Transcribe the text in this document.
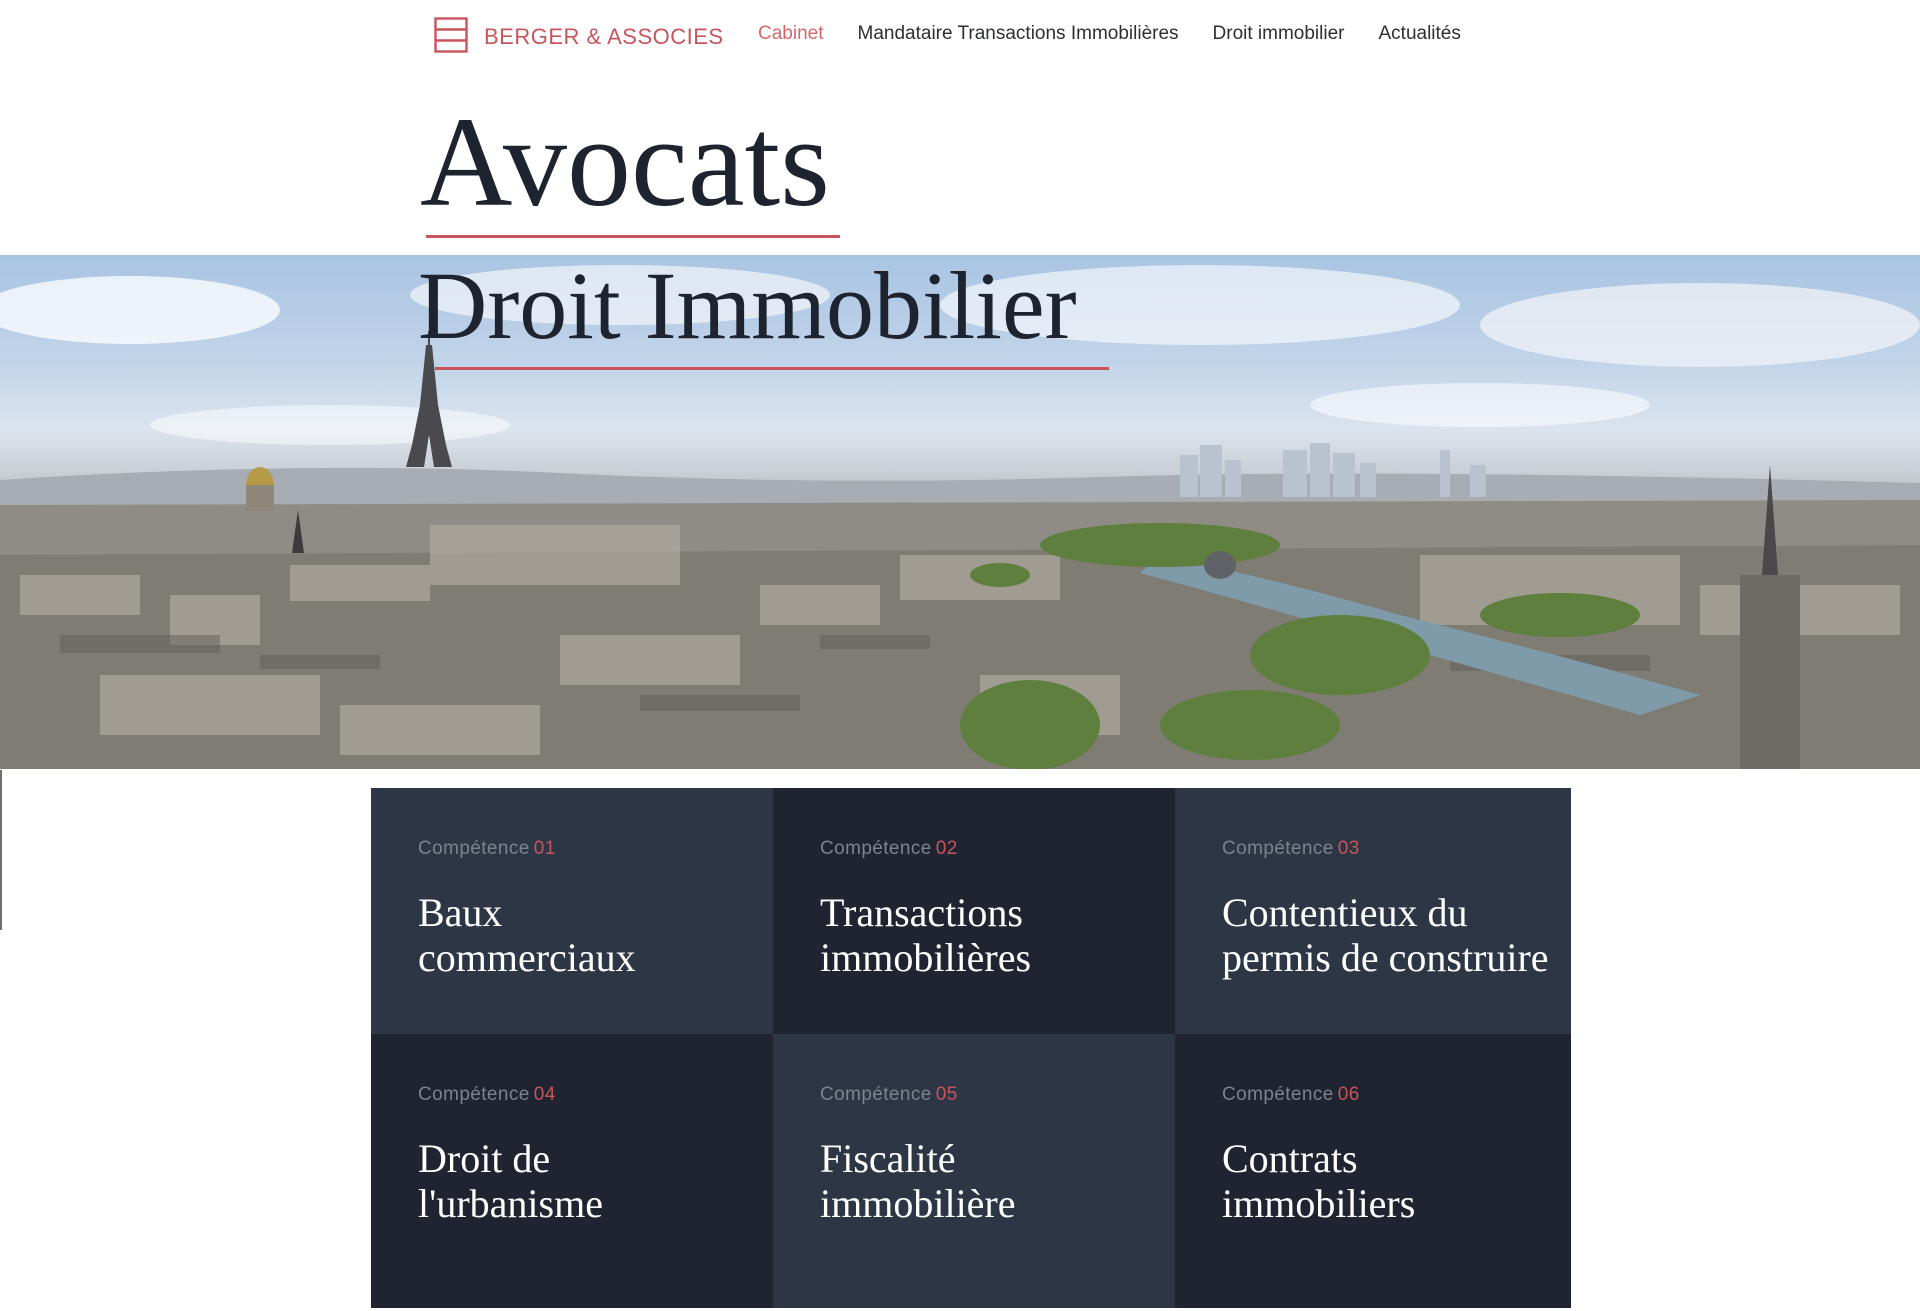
BERGER & ASSOCIES Cabinet Mandataire Transactions Immobilières Droit immobilier Actualités
Avocats
Droit Immobilier
Compétence 01
Baux
commerciaux
Compétence 02
Transactions
immobilières
Compétence 03
Contentieux du
permis de construire
Compétence 04
Droit de
l'urbanisme
Compétence 05
Fiscalité
immobilière
Compétence 06
Contrats
immobiliers
